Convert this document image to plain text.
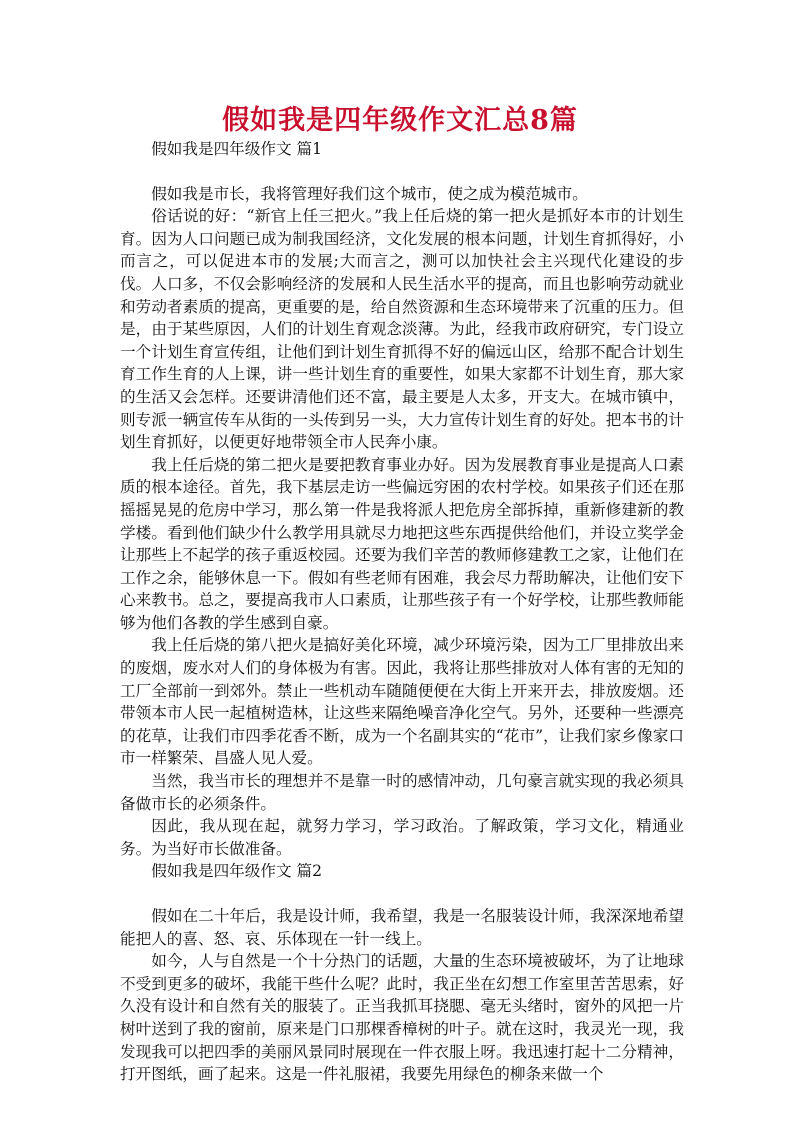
假如我是四年级作文汇总8篇
假如我是四年级作文 篇1

假如我是市长，我将管理好我们这个城市，使之成为模范城市。

俗话说的好：“新官上任三把火。”我上任后烧的第一把火是抓好本市的计划生育。因为人口问题已成为制我国经济，文化发展的根本问题，计划生育抓得好，小而言之，可以促进本市的发展;大而言之，测可以加快社会主兴现代化建设的步伐。人口多，不仅会影响经济的发展和人民生活水平的提高，而且也影响劳动就业和劳动者素质的提高，更重要的是，给自然资源和生态环境带来了沉重的压力。但是，由于某些原因，人们的计划生育观念淡薄。为此，经我市政府研究，专门设立一个计划生育宣传组，让他们到计划生育抓得不好的偏远山区，给那不配合计划生育工作生育的人上课，讲一些计划生育的重要性，如果大家都不计划生育，那大家的生活又会怎样。还要讲清他们还不富，最主要是人太多，开支大。在城市镇中，则专派一辆宣传车从街的一头传到另一头，大力宣传计划生育的好处。把本书的计划生育抓好，以便更好地带领全市人民奔小康。

我上任后烧的第二把火是要把教育事业办好。因为发展教育事业是提高人口素质的根本途径。首先，我下基层走访一些偏远穷困的农村学校。如果孩子们还在那摇摇晃晃的危房中学习，那么第一件是我将派人把危房全部拆掉，重新修建新的教学楼。看到他们缺少什么教学用具就尽力地把这些东西提供给他们，并设立奖学金让那些上不起学的孩子重返校园。还要为我们辛苦的教师修建教工之家，让他们在工作之余，能够休息一下。假如有些老师有困难，我会尽力帮助解决，让他们安下心来教书。总之，要提高我市人口素质，让那些孩子有一个好学校，让那些教师能够为他们各教的学生感到自豪。

我上任后烧的第八把火是搞好美化环境，减少环境污染，因为工厂里排放出来的废烟，废水对人们的身体极为有害。因此，我将让那些排放对人体有害的无知的工厂全部前一到郊外。禁止一些机动车随随便便在大街上开来开去，排放废烟。还带领本市人民一起植树造林，让这些来隔绝噪音净化空气。另外，还要种一些漂亮的花草，让我们市四季花香不断，成为一个名副其实的“花市”，让我们家乡像家口市一样繁荣、昌盛人见人爱。

当然，我当市长的理想并不是靠一时的感情冲动，几句豪言就实现的我必须具备做市长的必须条件。

因此，我从现在起，就努力学习，学习政治。了解政策，学习文化，精通业务。为当好市长做准备。

假如我是四年级作文 篇2

假如在二十年后，我是设计师，我希望，我是一名服装设计师，我深深地希望能把人的喜、怒、哀、乐体现在一针一线上。

如今，人与自然是一个十分热门的话题，大量的生态环境被破坏，为了让地球不受到更多的破坏，我能干些什么呢？此时，我正坐在幻想工作室里苦苦思索，好久没有设计和自然有关的服装了。正当我抓耳挠腮、毫无头绪时，窗外的风把一片树叶送到了我的窗前，原来是门口那棵香樟树的叶子。就在这时，我灵光一现，我发现我可以把四季的美丽风景同时展现在一件衣服上呀。我迅速打起十二分精神，打开图纸，画了起来。这是一件礼服裙，我要先用绿色的柳条来做一个
